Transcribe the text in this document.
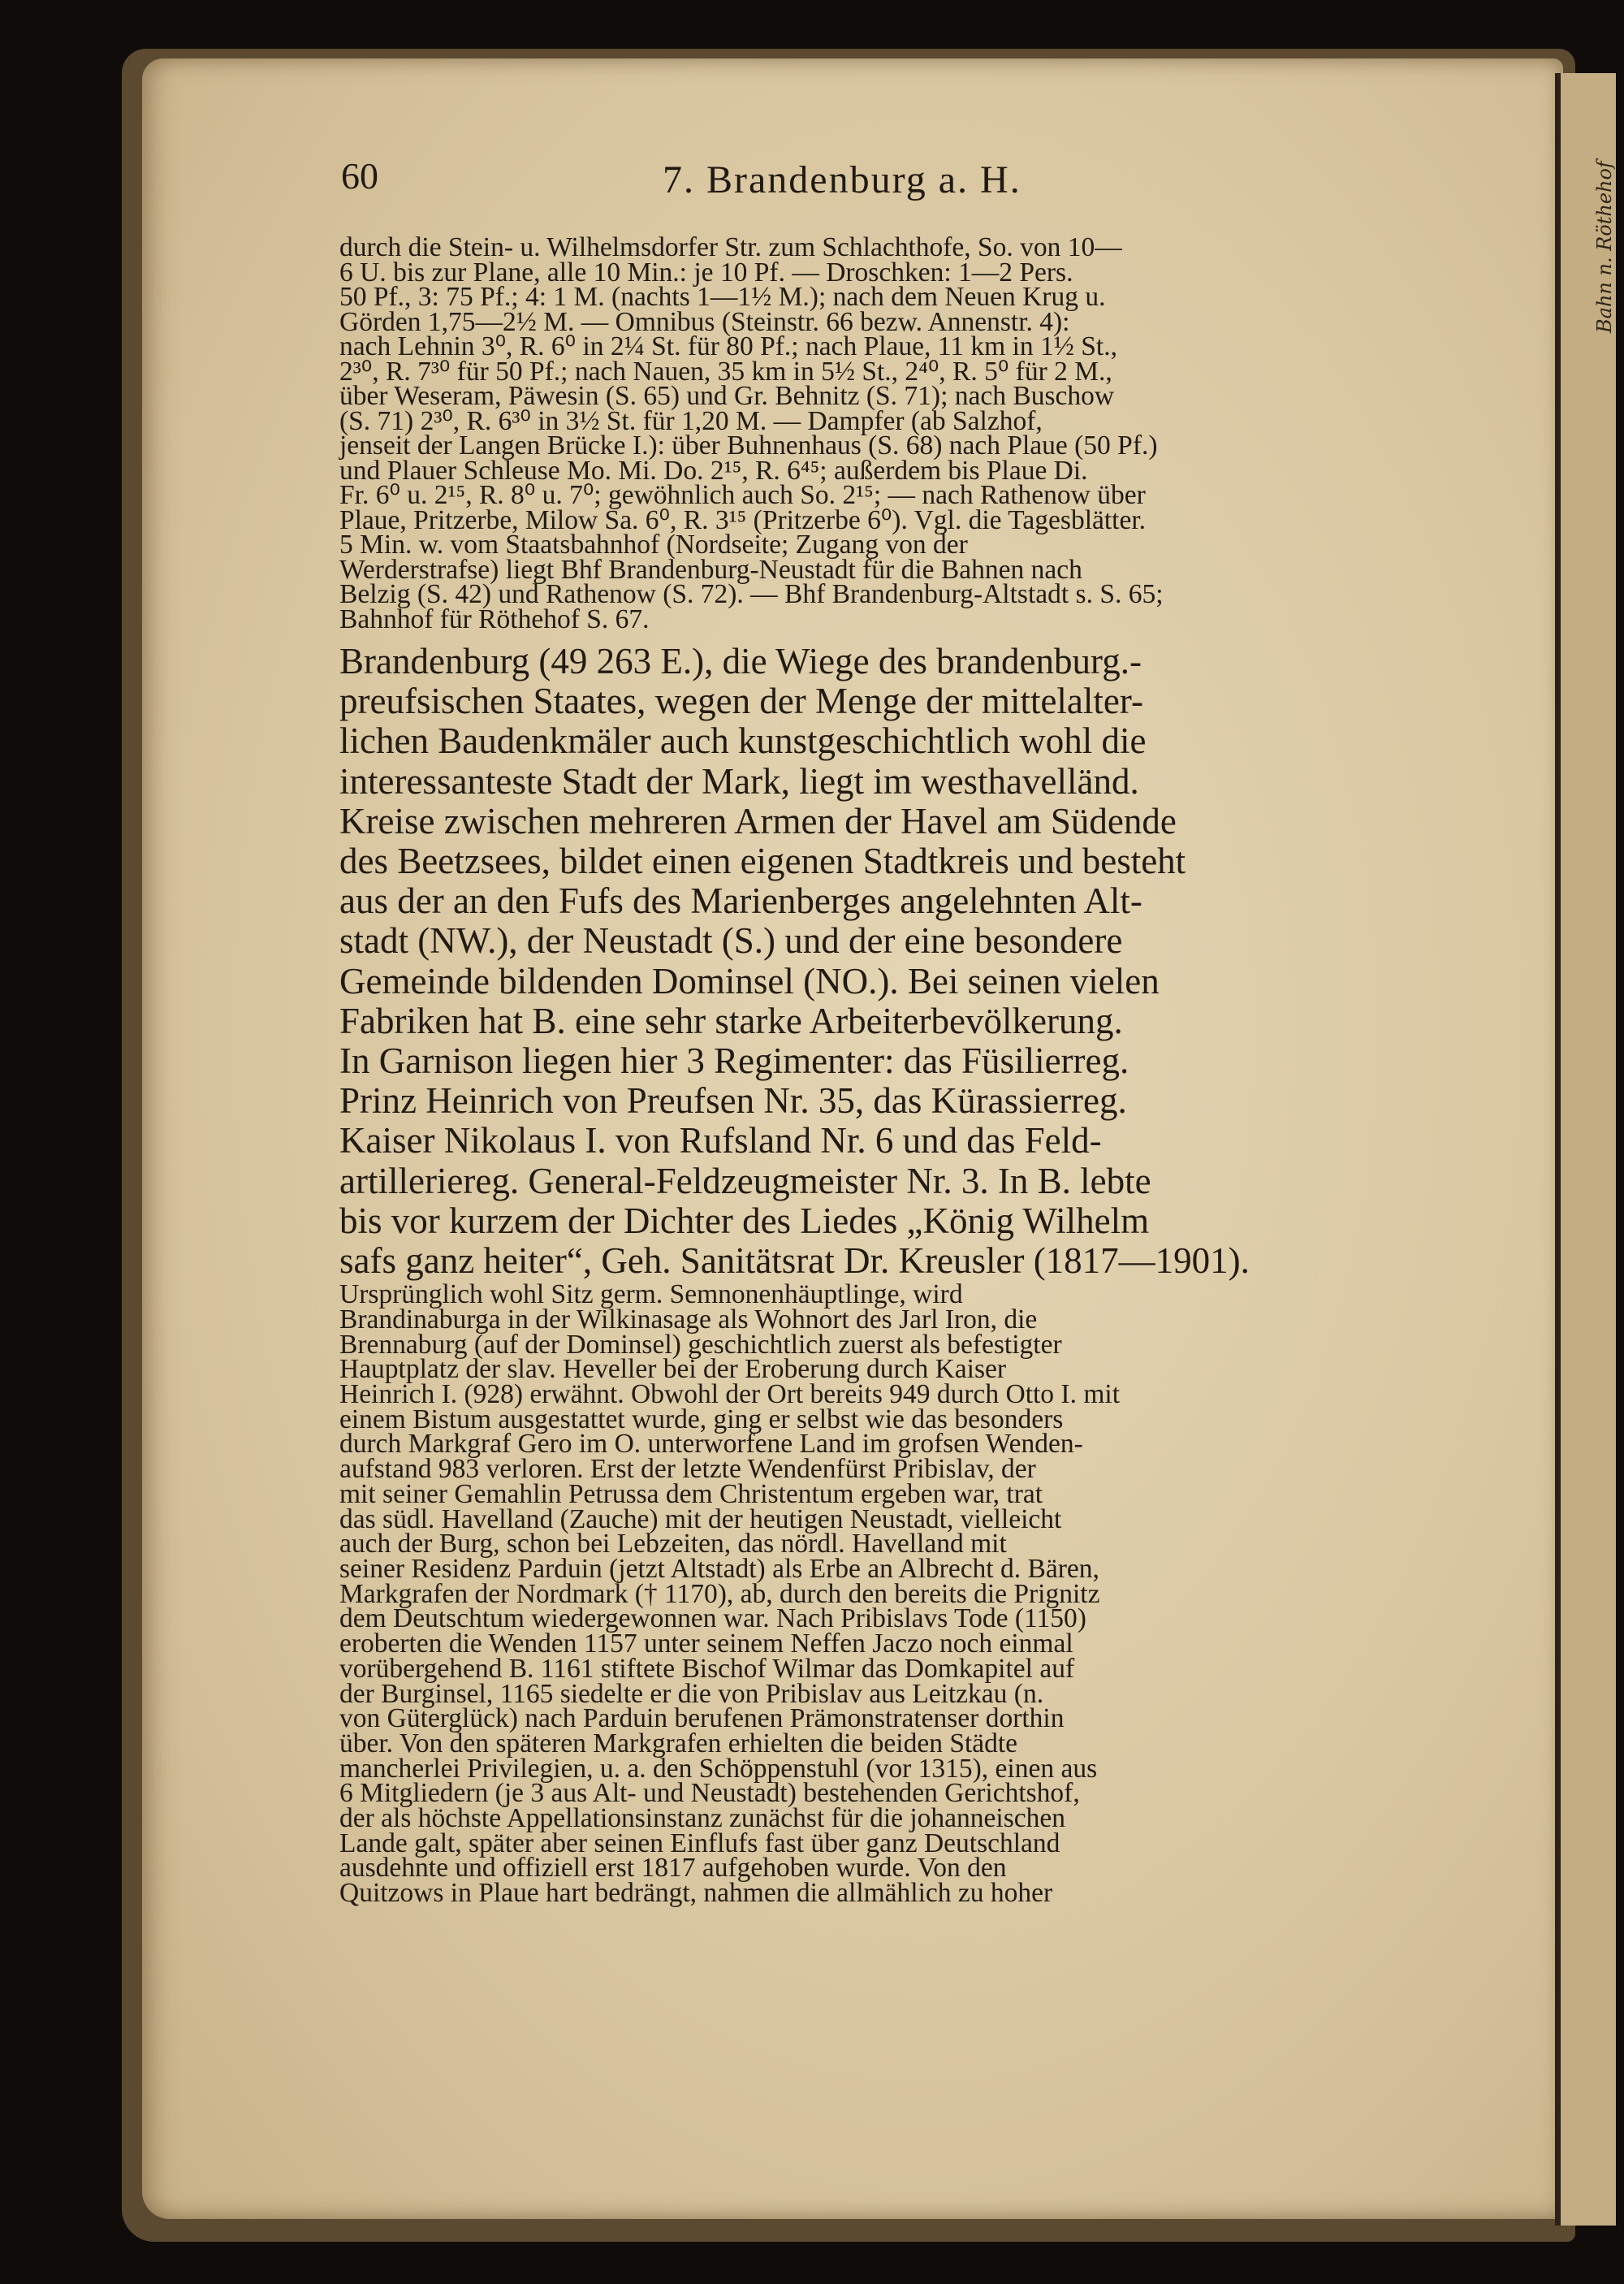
Bahn n. Röthehof
60	7. Brandenburg a. H.

durch die Stein- u. Wilhelmsdorfer Str. zum Schlachthofe, So. von 10—
6 U. bis zur Plane, alle 10 Min.: je 10 Pf. — Droschken: 1—2 Pers.
50 Pf., 3: 75 Pf.; 4: 1 M. (nachts 1—1½ M.); nach dem Neuen Krug u.
Görden 1,75—2½ M. — Omnibus (Steinstr. 66 bezw. Annenstr. 4):
nach Lehnin 3⁰, R. 6⁰ in 2¼ St. für 80 Pf.; nach Plaue, 11 km in 1½ St.,
2³⁰, R. 7³⁰ für 50 Pf.; nach Nauen, 35 km in 5½ St., 2⁴⁰, R. 5⁰ für 2 M.,
über Weseram, Päwesin (S. 65) und Gr. Behnitz (S. 71); nach Buschow
(S. 71) 2³⁰, R. 6³⁰ in 3½ St. für 1,20 M. — Dampfer (ab Salzhof,
jenseit der Langen Brücke I.): über Buhnenhaus (S. 68) nach Plaue (50 Pf.)
und Plauer Schleuse Mo. Mi. Do. 2¹⁵, R. 6⁴⁵; außerdem bis Plaue Di.
Fr. 6⁰ u. 2¹⁵, R. 8⁰ u. 7⁰; gewöhnlich auch So. 2¹⁵; — nach Rathenow über
Plaue, Pritzerbe, Milow Sa. 6⁰, R. 3¹⁵ (Pritzerbe 6⁰). Vgl. die Tagesblätter.

5 Min. w. vom Staatsbahnhof (Nordseite; Zugang von der
Werderstrafse) liegt Bhf Brandenburg-Neustadt für die Bahnen nach
Belzig (S. 42) und Rathenow (S. 72). — Bhf Brandenburg-Altstadt s. S. 65;
Bahnhof für Röthehof S. 67.

Brandenburg (49 263 E.), die Wiege des brandenburg.-
preufsischen Staates, wegen der Menge der mittelalter-
lichen Baudenkmäler auch kunstgeschichtlich wohl die
interessanteste Stadt der Mark, liegt im westhavelländ.
Kreise zwischen mehreren Armen der Havel am Südende
des Beetzsees, bildet einen eigenen Stadtkreis und besteht
aus der an den Fufs des Marienberges angelehnten Alt-
stadt (NW.), der Neustadt (S.) und der eine besondere
Gemeinde bildenden Dominsel (NO.). Bei seinen vielen
Fabriken hat B. eine sehr starke Arbeiterbevölkerung.
In Garnison liegen hier 3 Regimenter: das Füsilierreg.
Prinz Heinrich von Preufsen Nr. 35, das Kürassierreg.
Kaiser Nikolaus I. von Rufsland Nr. 6 und das Feld-
artilleriereg. General-Feldzeugmeister Nr. 3. In B. lebte
bis vor kurzem der Dichter des Liedes „König Wilhelm
safs ganz heiter“, Geh. Sanitätsrat Dr. Kreusler (1817—1901).

Ursprünglich wohl Sitz germ. Semnonenhäuptlinge, wird
Brandinaburga in der Wilkinasage als Wohnort des Jarl Iron, die
Brennaburg (auf der Dominsel) geschichtlich zuerst als befestigter
Hauptplatz der slav. Heveller bei der Eroberung durch Kaiser
Heinrich I. (928) erwähnt. Obwohl der Ort bereits 949 durch Otto I. mit
einem Bistum ausgestattet wurde, ging er selbst wie das besonders
durch Markgraf Gero im O. unterworfene Land im grofsen Wenden-
aufstand 983 verloren. Erst der letzte Wendenfürst Pribislav, der
mit seiner Gemahlin Petrussa dem Christentum ergeben war, trat
das südl. Havelland (Zauche) mit der heutigen Neustadt, vielleicht
auch der Burg, schon bei Lebzeiten, das nördl. Havelland mit
seiner Residenz Parduin (jetzt Altstadt) als Erbe an Albrecht d. Bären,
Markgrafen der Nordmark († 1170), ab, durch den bereits die Prignitz
dem Deutschtum wiedergewonnen war. Nach Pribislavs Tode (1150)
eroberten die Wenden 1157 unter seinem Neffen Jaczo noch einmal
vorübergehend B. 1161 stiftete Bischof Wilmar das Domkapitel auf
der Burginsel, 1165 siedelte er die von Pribislav aus Leitzkau (n.
von Güterglück) nach Parduin berufenen Prämonstratenser dorthin
über. Von den späteren Markgrafen erhielten die beiden Städte
mancherlei Privilegien, u. a. den Schöppenstuhl (vor 1315), einen aus
6 Mitgliedern (je 3 aus Alt- und Neustadt) bestehenden Gerichtshof,
der als höchste Appellationsinstanz zunächst für die johanneischen
Lande galt, später aber seinen Einflufs fast über ganz Deutschland
ausdehnte und offiziell erst 1817 aufgehoben wurde. Von den
Quitzows in Plaue hart bedrängt, nahmen die allmählich zu hoher
